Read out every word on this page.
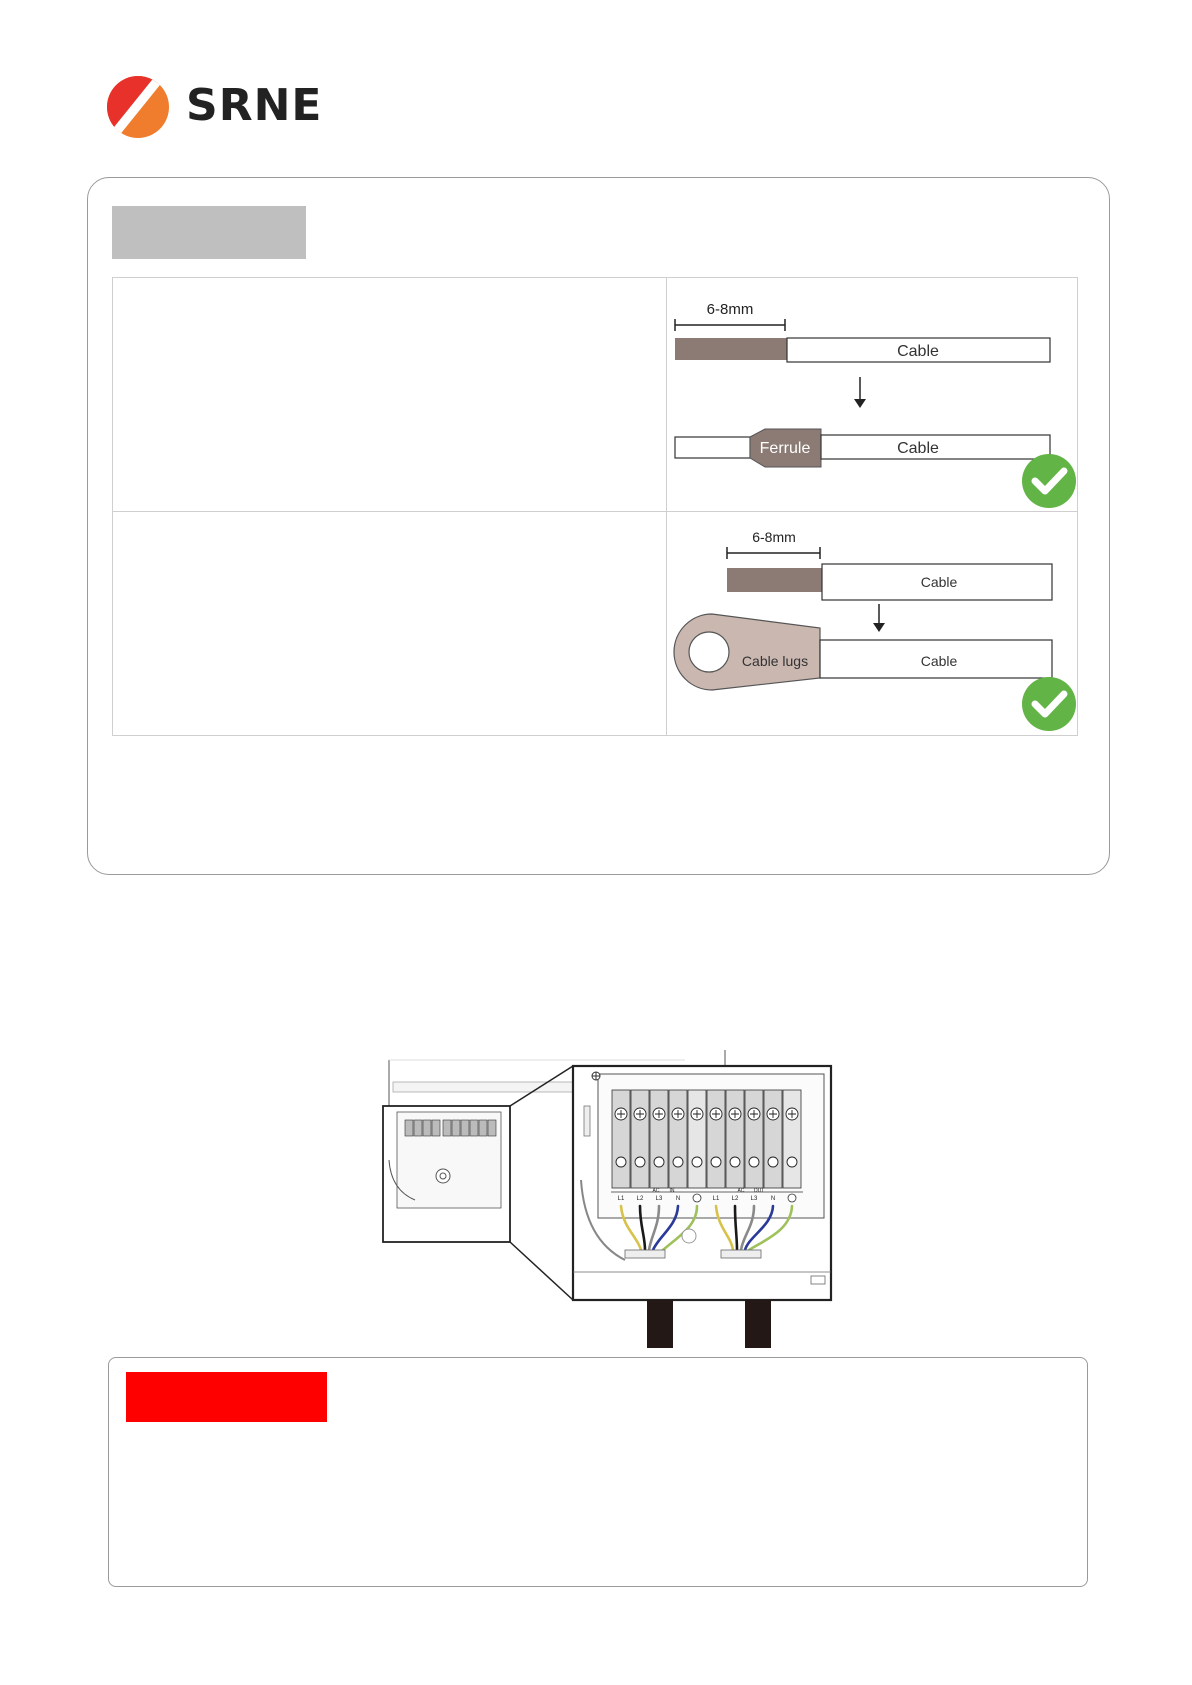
SRNE
6-8mm
Cable
Ferrule	Cable
6-8mm
Cable
Cable lugs	Cable
AC IN	AC OUT
L1 L2 L3 N	L1 L2 L3 N
